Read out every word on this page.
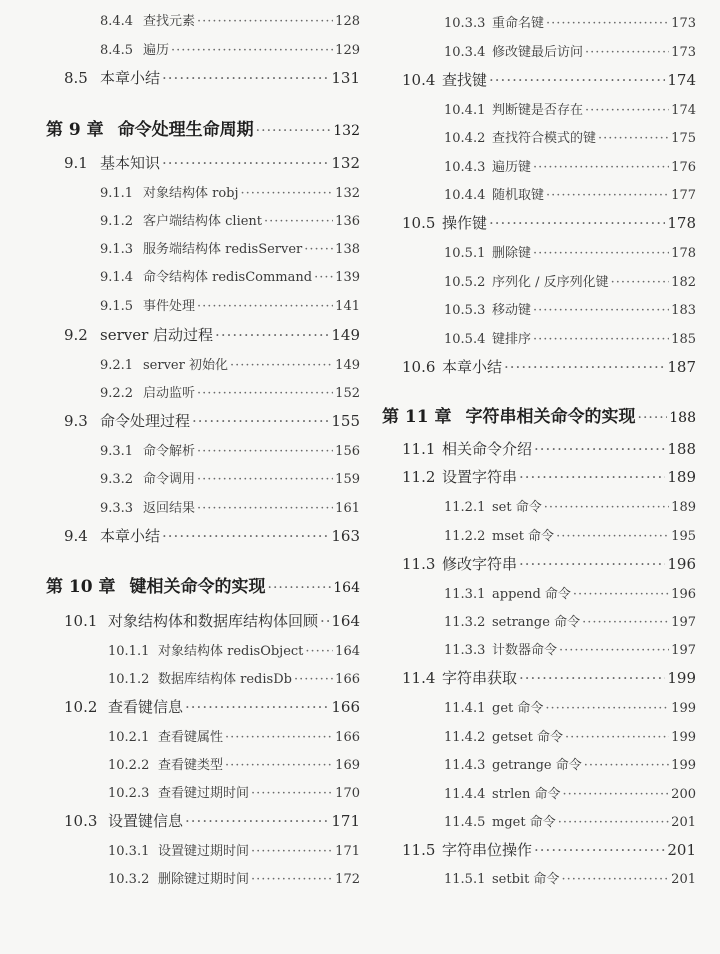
8.4.4 查找元素 ·····	128
8.4.5 遍历 ·····	129
8.5 本章小结 ·····	131
第 9 章 命令处理生命周期 ·····	132
9.1 基本知识 ·····	132
9.1.1 对象结构体 robj ·····	132
9.1.2 客户端结构体 client ·····	136
9.1.3 服务端结构体 redisServer ·····	138
9.1.4 命令结构体 redisCommand ····· 139
9.1.5 事件处理 ·····	141
9.2 server 启动过程 ·····	149
9.2.1 server 初始化 ·····	149
9.2.2 启动监听 ·····	152
9.3 命令处理过程 ·····	155
9.3.1 命令解析 ·····	156
9.3.2 命令调用 ·····	159
9.3.3 返回结果 ·····	161
9.4 本章小结 ·····	163
第 10 章 键相关命令的实现 ·····	164
10.1 对象结构体和数据库结构体回顾 ····· 164
10.1.1 对象结构体 redisObject ····· 164
10.1.2 数据库结构体 redisDb ·····	166
10.2 查看键信息 ·····	166
10.2.1 查看键属性 ·····	166
10.2.2 查看键类型 ·····	169
10.2.3 查看键过期时间 ·····	170
10.3 设置键信息 ·····	171
10.3.1 设置键过期时间 ·····	171
10.3.2 删除键过期时间 ·····	172
10.3.3 重命名键 ·····	173
10.3.4 修改键最后访问 ·····	173
10.4 查找键 ·····	174
10.4.1 判断键是否存在 ·····	174
10.4.2 查找符合模式的键 ·····	175
10.4.3 遍历键 ·····	176
10.4.4 随机取键 ·····	177
10.5 操作键 ·····	178
10.5.1 删除键 ·····	178
10.5.2 序列化 / 反序列化键 ·····	182
10.5.3 移动键 ·····	183
10.5.4 键排序 ·····	185
10.6 本章小结 ·····	187
第 11 章 字符串相关命令的实现 ····· 188
11.1 相关命令介绍 ·····	188
11.2 设置字符串 ·····	189
11.2.1 set 命令 ·····	189
11.2.2 mset 命令 ·····	195
11.3 修改字符串 ·····	196
11.3.1 append 命令 ·····	196
11.3.2 setrange 命令 ·····	197
11.3.3 计数器命令 ·····	197
11.4 字符串获取 ·····	199
11.4.1 get 命令 ·····	199
11.4.2 getset 命令 ·····	199
11.4.3 getrange 命令 ·····	199
11.4.4 strlen 命令 ·····	200
11.4.5 mget 命令 ·····	201
11.5 字符串位操作 ·····	201
11.5.1 setbit 命令 ·····	201
